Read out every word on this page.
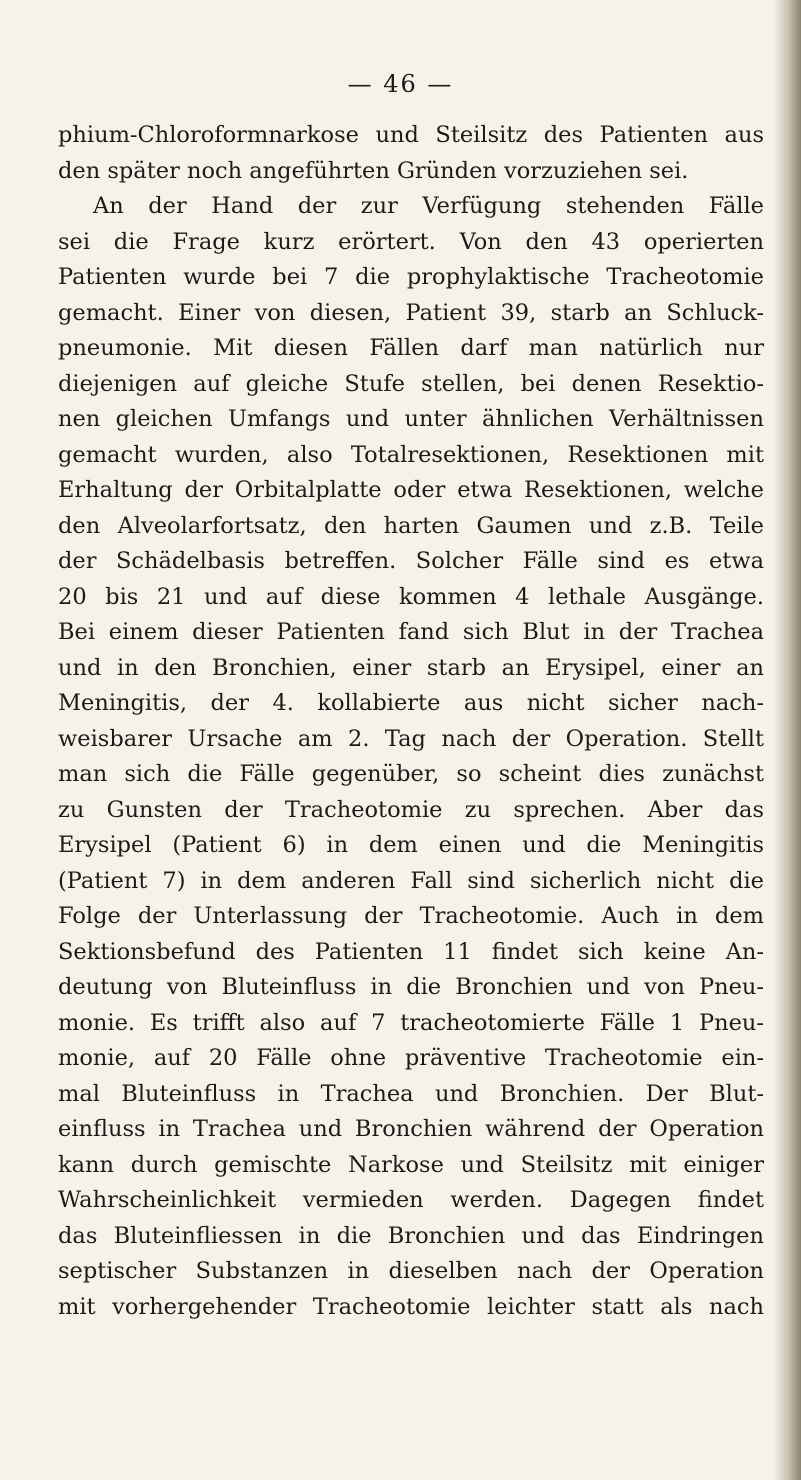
— 46 —
phium-Chloroformnarkose und Steilsitz des Patienten aus
den später noch angeführten Gründen vorzuziehen sei.
An der Hand der zur Verfügung stehenden Fälle
sei die Frage kurz erörtert. Von den 43 operierten
Patienten wurde bei 7 die prophylaktische Tracheotomie
gemacht. Einer von diesen, Patient 39, starb an Schluck-
pneumonie. Mit diesen Fällen darf man natürlich nur
diejenigen auf gleiche Stufe stellen, bei denen Resektio-
nen gleichen Umfangs und unter ähnlichen Verhältnissen
gemacht wurden, also Totalresektionen, Resektionen mit
Erhaltung der Orbitalplatte oder etwa Resektionen, welche
den Alveolarfortsatz, den harten Gaumen und z.B. Teile
der Schädelbasis betreffen. Solcher Fälle sind es etwa
20 bis 21 und auf diese kommen 4 lethale Ausgänge.
Bei einem dieser Patienten fand sich Blut in der Trachea
und in den Bronchien, einer starb an Erysipel, einer an
Meningitis, der 4. kollabierte aus nicht sicher nach-
weisbarer Ursache am 2. Tag nach der Operation. Stellt
man sich die Fälle gegenüber, so scheint dies zunächst
zu Gunsten der Tracheotomie zu sprechen. Aber das
Erysipel (Patient 6) in dem einen und die Meningitis
(Patient 7) in dem anderen Fall sind sicherlich nicht die
Folge der Unterlassung der Tracheotomie. Auch in dem
Sektionsbefund des Patienten 11 findet sich keine An-
deutung von Bluteinfluss in die Bronchien und von Pneu-
monie. Es trifft also auf 7 tracheotomierte Fälle 1 Pneu-
monie, auf 20 Fälle ohne präventive Tracheotomie ein-
mal Bluteinfluss in Trachea und Bronchien. Der Blut-
einfluss in Trachea und Bronchien während der Operation
kann durch gemischte Narkose und Steilsitz mit einiger
Wahrscheinlichkeit vermieden werden. Dagegen findet
das Bluteinfliessen in die Bronchien und das Eindringen
septischer Substanzen in dieselben nach der Operation
mit vorhergehender Tracheotomie leichter statt als nach
